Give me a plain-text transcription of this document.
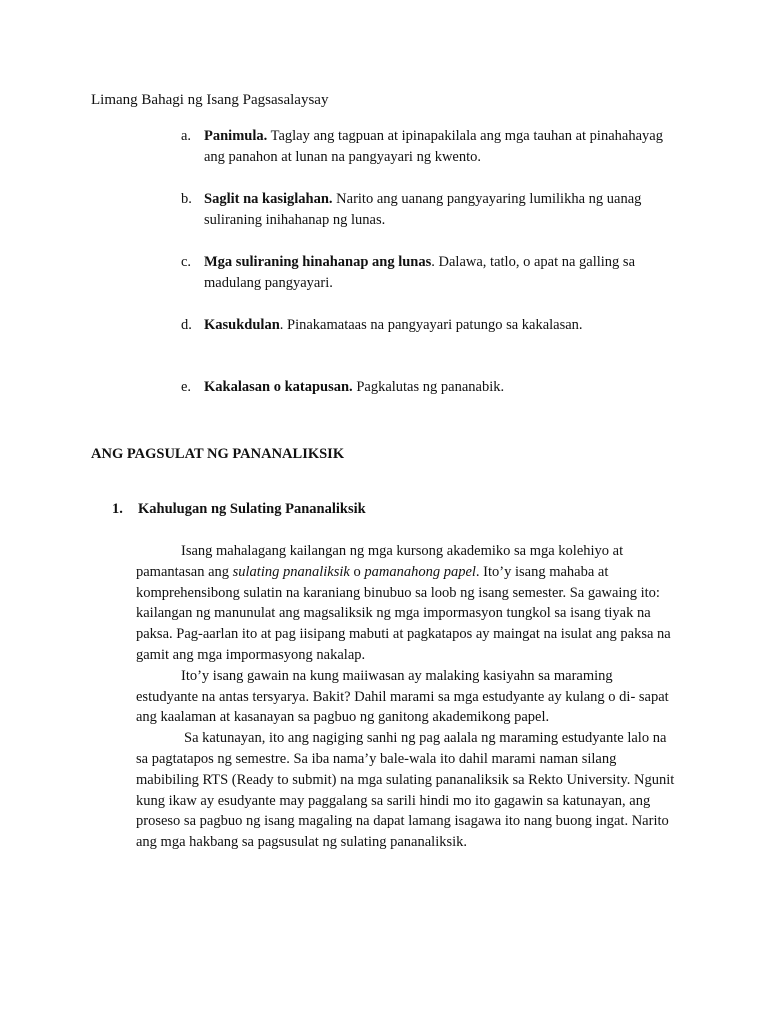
Limang Bahagi ng Isang Pagsasalaysay
a. Panimula. Taglay ang tagpuan at ipinapakilala ang mga tauhan at pinahahayag ang panahon at lunan na pangyayari ng kwento.
b. Saglit na kasiglahan. Narito ang uanang pangyayaring lumilikha ng uanag suliraning inihahanap ng lunas.
c. Mga suliraning hinahanap ang lunas. Dalawa, tatlo, o apat na galling sa madulang pangyayari.
d. Kasukdulan. Pinakamataas na pangyayari patungo sa kakalasan.
e. Kakalasan o katapusan. Pagkalutas ng pananabik.
ANG PAGSULAT NG PANANALIKSIK
1. Kahulugan ng Sulating Pananaliksik

Isang mahalagang kailangan ng mga kursong akademiko sa mga kolehiyo at pamantasan ang sulating pnanaliksik o pamanahong papel. Ito’y isang mahaba at komprehensibong sulatin na karaniang binubuo sa loob ng isang semester. Sa gawaing ito: kailangan ng manunulat ang magsaliksik ng mga impormasyon tungkol sa isang tiyak na paksa. Pag-aarlan ito at pag iisipang mabuti at pagkatapos ay maingat na isulat ang paksa na gamit ang mga impormasyong nakalap.

Ito’y isang gawain na kung maiiwasan ay malaking kasiyahn sa maraming estudyante na antas tersyarya. Bakit? Dahil marami sa mga estudyante ay kulang o di- sapat ang kaalaman at kasanayan sa pagbuo ng ganitong akademikong papel.

Sa katunayan, ito ang nagiging sanhi ng pag aalala ng maraming estudyante lalo na sa pagtatapos ng semestre. Sa iba nama’y bale-wala ito dahil marami naman silang mabibiling RTS (Ready to submit) na mga sulating pananaliksik sa Rekto University. Ngunit kung ikaw ay esudyante may paggalang sa sarili hindi mo ito gagawin sa katunayan, ang proseso sa pagbuo ng isang magaling na dapat lamang isagawa ito nang buong ingat. Narito ang mga hakbang sa pagsusulat ng sulating pananaliksik.
